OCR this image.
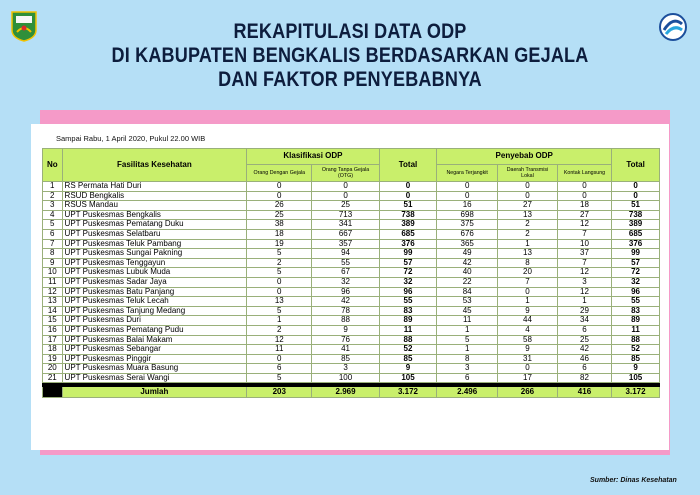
REKAPITULASI DATA ODP
DI KABUPATEN BENGKALIS BERDASARKAN GEJALA
DAN FAKTOR PENYEBABNYA
Sampai Rabu, 1 April 2020, Pukul 22.00 WIB
No	Fasilitas Kesehatan	Klasifikasi ODP		Total	Penyebab ODP			Total
		Orang Dengan Gejala	Orang Tanpa Gejala (OTG)		Negara Terjangkit	Daerah Transmisi Lokal	Kontak Langsung	
1	RS Permata Hati Duri	0	0	0	0	0	0	0
2	RSUD Bengkalis	0	0	0	0	0	0	0
3	RSUS Mandau	26	25	51	16	27	18	51
4	UPT Puskesmas Bengkalis	25	713	738	698	13	27	738
5	UPT Puskesmas Pematang Duku	38	341	389	375	2	12	389
6	UPT Puskesmas Selatbaru	18	667	685	676	2	7	685
7	UPT Puskesmas Teluk Pambang	19	357	376	365	1	10	376
8	UPT Puskesmas Sungai Pakning	5	94	99	49	13	37	99
9	UPT Puskesmas Tenggayun	2	55	57	42	8	7	57
10	UPT Puskesmas Lubuk Muda	5	67	72	40	20	12	72
11	UPT Puskesmas Sadar Jaya	0	32	32	22	7	3	32
12	UPT Puskesmas Batu Panjang	0	96	96	84	0	12	96
13	UPT Puskesmas Teluk Lecah	13	42	55	53	1	1	55
14	UPT Puskesmas Tanjung Medang	5	78	83	45	9	29	83
15	UPT Puskesmas Duri	1	88	89	11	44	34	89
16	UPT Puskesmas Pematang Pudu	2	9	11	1	4	6	11
17	UPT Puskesmas Balai Makam	12	76	88	5	58	25	88
18	UPT Puskesmas Sebangar	11	41	52	1	9	42	52
19	UPT Puskesmas Pinggir	0	85	85	8	31	46	85
20	UPT Puskesmas Muara Basung	6	3	9	3	0	6	9
21	UPT Puskesmas Serai Wangi	5	100	105	6	17	82	105

	Jumlah	203	2.969	3.172	2.496	266	416	3.172
Sumber: Dinas Kesehatan
